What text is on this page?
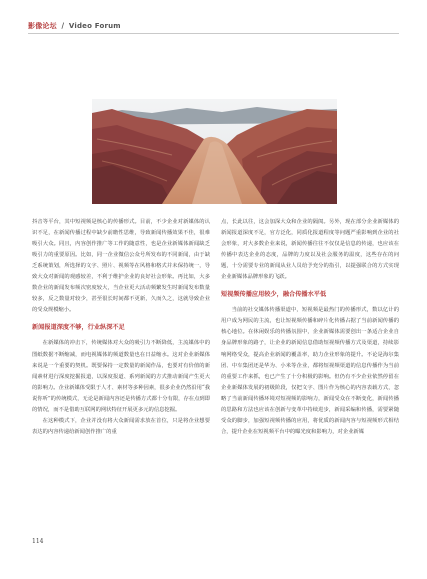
影像论坛 / Video Forum

抖音等平台，其中短视频是核心的传播形式。目前，不少企业对新媒体的认识不足，在新闻传播过程中缺少前瞻性思维，导致新闻传播效果不佳，很难吸引大众。同且，内容创作推广等工作的随意性，也是企业新媒体新闻缺乏吸引力的重要原因。比如，同一企业微信公众号所发布的不同新闻，由于缺乏系统策划，所选择的文字、照片、视频等在风格和格式并未保持统一，导致大众对新闻的观感较差，不利于维护企业的良好社会形象。再比如，大多数企业的新闻发布频次密度较大，当企业更大活动频繁发生时新闻发布数量较多，反之数量对较少，甚至很长时间都不更新，久而久之，这就导致企业的受众规模缩小。

新闻报道深度不够，行业纵深不足

在新媒体的冲击下，传统媒体对大众的吸引力不断降低，主流媒体中的图纸数据不断缩减，而电视媒体的频道数量也在日益缩水。这对企业新媒体来说是一个重要的契机。既要保持一定数量的新闻作品，也要对有价值的新闻素材进行深度挖掘报道，以深度报道、系列新闻的方式推动新闻产生更大的影响力。企业新媒体受限于人才、素材等多种因素，很多企业仍然沿用“我说你听”的传统模式，无论是新闻内容还是传播方式都十分有限，存在点到即的情况，而不是借助互联网的网状特征开展更多元的信息挖掘。

在这种模式下，企业并没有将大众新闻需求放在首位，只是将企业想要表达的内容传递给新闻创作推广的重

点，长此以往，这会加深大众和企业的隔阂。另外，现在部分企业新媒体的新闻报道深度不足，官方泛化，同质化报道程度等问题严重影响到企业的社会形象，对大多数企业来说，新闻传播往往不仅仅是信息的传递，也应该在传播中表达企业的态度，品牌的力度以及社会服务的温度，这些存在的问题，十分需要专业的新闻从业人员给予充分的指引，以提强联合的方式实现企业新媒体品牌形象的飞跃。

短视频传播应用较少，融合传播水平低

当前的社交媒体传播渠道中，短视频是最热门的传播形式，数以亿计的用户成为网民的主流，也让短视频传播和碎片化传播占据了当前新闻传播的核心地位。在休闲娱乐的传播氛围中，企业新媒体需要创出一条适合企业自身品牌形象的路子，让企业的新闻信息借助短视频传播方式及渠道，持续影响网络受众，提高企业新闻的覆盖率，助力企业形象的提升。不论是海尔集团、中车集团还是华为、小米等企业，都将短视频渠道的信息传播作为当前的重要工作来抓，也已产生了十分积极的影响。但仍有不少企业依然停留在企业新媒体发展的初级阶段，仅把文字、图片作为核心的内容表载方式，忽略了当前新闻传播环境对短视频的影响力，新闻受众在不断变化，新闻传播的思路和方法也应该在创新与变革中持续进步，新闻采编和传播，需要紧随受众的脚步，加强短视频传播的应用，将优质的新闻内容与短视频形式相结合，提升企业在短视频平台中的曝光度和影响力，对企业新媒

114
